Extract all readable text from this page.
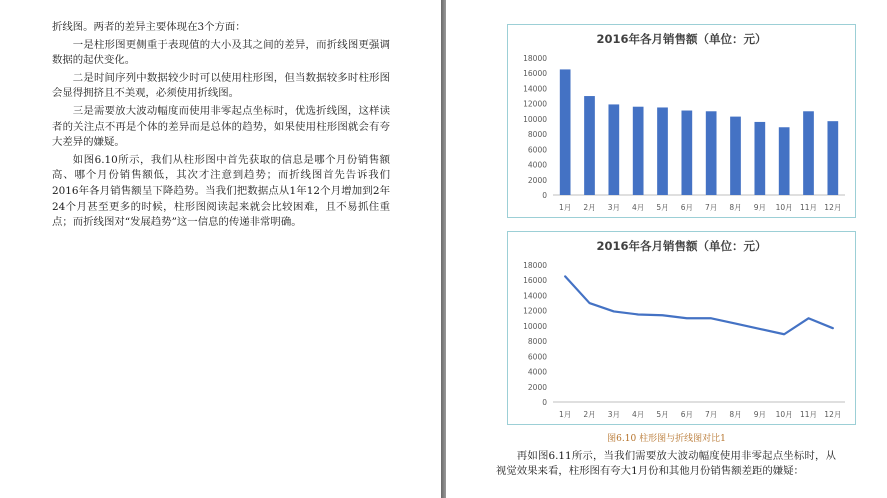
折线图。两者的差异主要体现在3个方面：

一是柱形图更侧重于表现值的大小及其之间的差异，而折线图更强调数据的起伏变化。

二是时间序列中数据较少时可以使用柱形图，但当数据较多时柱形图会显得拥挤且不美观，必须使用折线图。

三是需要放大波动幅度而使用非零起点坐标时，优选折线图，这样读者的关注点不再是个体的差异而是总体的趋势，如果使用柱形图就会有夸大差异的嫌疑。

如图6.10所示，我们从柱形图中首先获取的信息是哪个月份销售额高、哪个月份销售额低，其次才注意到趋势；而折线图首先告诉我们2016年各月销售额呈下降趋势。当我们把数据点从1年12个月增加到2年24个月甚至更多的时候，柱形图阅读起来就会比较困难，且不易抓住重点；而折线图对“发展趋势”这一信息的传递非常明确。

2016年各月销售额（单位：元）
0
2000
4000
6000
8000
10000
12000
14000
16000
18000
1月 2月 3月 4月 5月 6月 7月 8月 9月 10月 11月 12月
2016年各月销售额（单位：元）
0
2000
4000
6000
8000
10000
12000
14000
16000
18000
1月 2月 3月 4月 5月 6月 7月 8月 9月 10月 11月 12月
图6.10 柱形图与折线图对比1

再如图6.11所示，当我们需要放大波动幅度使用非零起点坐标时，从视觉效果来看，柱形图有夸大1月份和其他月份销售额差距的嫌疑：
